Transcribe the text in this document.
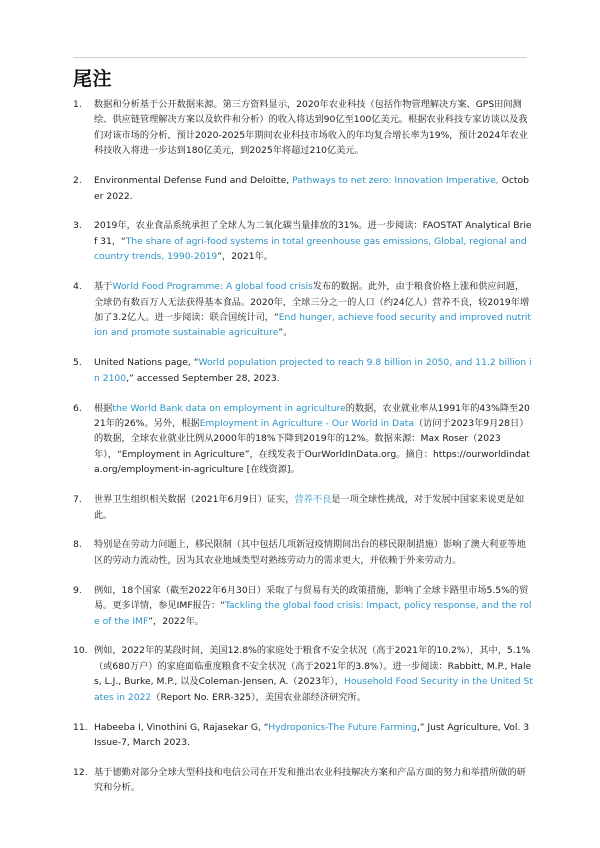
尾注
1.	数据和分析基于公开数据来源。第三方资料显示，2020年农业科技（包括作物管理解决方案、GPS田间测绘、供应链管理解决方案以及软件和分析）的收入将达到90亿至100亿美元。根据农业科技专家访谈以及我们对该市场的分析，预计2020-2025年期间农业科技市场收入的年均复合增长率为19%，预计2024年农业科技收入将进一步达到180亿美元，到2025年将超过210亿美元。
2.	Environmental Defense Fund and Deloitte, Pathways to net zero: Innovation Imperative, October 2022.
3.	2019年，农业食品系统承担了全球人为二氧化碳当量排放的31%。进一步阅读：FAOSTAT Analytical Brief 31，“The share of agri-food systems in total greenhouse gas emissions, Global, regional and country trends, 1990-2019”，2021年。
4.	基于World Food Programme: A global food crisis发布的数据。此外，由于粮食价格上涨和供应问题，全球仍有数百万人无法获得基本食品。2020年，全球三分之一的人口（约24亿人）营养不良，较2019年增加了3.2亿人。进一步阅读：联合国统计司，“End hunger, achieve food security and improved nutrition and promote sustainable agriculture”。
5.	United Nations page, “World population projected to reach 9.8 billion in 2050, and 11.2 billion in 2100,” accessed September 28, 2023.
6.	根据the World Bank data on employment in agriculture的数据，农业就业率从1991年的43%降至2021年的26%。另外，根据Employment in Agriculture - Our World in Data（访问于2023年9月28日）的数据，全球农业就业比例从2000年的18%下降到2019年的12%。数据来源：Max Roser（2023年），“Employment in Agriculture”，在线发表于OurWorldInData.org。摘自：https://ourworldindata.org/employment-in-agriculture [在线资源]。
7.	世界卫生组织相关数据（2021年6月9日）证实，营养不良是一项全球性挑战，对于发展中国家来说更是如此。
8.	特别是在劳动力问题上，移民限制（其中包括几项新冠疫情期间出台的移民限制措施）影响了澳大利亚等地区的劳动力流动性，因为其农业地域类型对熟练劳动力的需求更大，并依赖于外来劳动力。
9.	例如，18个国家（截至2022年6月30日）采取了与贸易有关的政策措施，影响了全球卡路里市场5.5%的贸易。更多详情，参见IMF报告：“Tackling the global food crisis: Impact, policy response, and the role of the IMF”，2022年。
10. 例如，2022年的某段时间，美国12.8%的家庭处于粮食不安全状况（高于2021年的10.2%），其中，5.1%（或680万户）的家庭面临重度粮食不安全状况（高于2021年的3.8%）。进一步阅读：Rabbitt, M.P., Hales, L.J., Burke, M.P., 以及Coleman-Jensen, A.（2023年），Household Food Security in the United States in 2022（Report No. ERR-325），美国农业部经济研究所。
11. Habeeba I, Vinothini G, Rajasekar G, “Hydroponics-The Future Farming,” Just Agriculture, Vol. 3 Issue-7, March 2023.
12. 基于德勤对部分全球大型科技和电信公司在开发和推出农业科技解决方案和产品方面的努力和举措所做的研究和分析。
